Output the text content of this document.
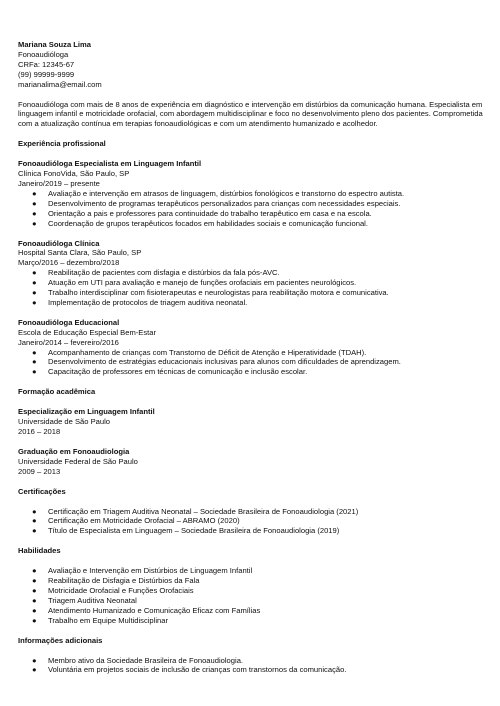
Mariana Souza Lima
Fonoaudióloga
CRFa: 12345-67
(99) 99999-9999
marianalima@email.com
Fonoaudióloga com mais de 8 anos de experiência em diagnóstico e intervenção em distúrbios da comunicação humana. Especialista em linguagem infantil e motricidade orofacial, com abordagem multidisciplinar e foco no desenvolvimento pleno dos pacientes. Comprometida com a atualização contínua em terapias fonoaudiológicas e com um atendimento humanizado e acolhedor.
Experiência profissional
Fonoaudióloga Especialista em Linguagem Infantil
Clínica FonoVida, São Paulo, SP
Janeiro/2019 – presente
● Avaliação e intervenção em atrasos de linguagem, distúrbios fonológicos e transtorno do espectro autista.
● Desenvolvimento de programas terapêuticos personalizados para crianças com necessidades especiais.
● Orientação a pais e professores para continuidade do trabalho terapêutico em casa e na escola.
● Coordenação de grupos terapêuticos focados em habilidades sociais e comunicação funcional.
Fonoaudióloga Clínica
Hospital Santa Clara, São Paulo, SP
Março/2016 – dezembro/2018
● Reabilitação de pacientes com disfagia e distúrbios da fala pós-AVC.
● Atuação em UTI para avaliação e manejo de funções orofaciais em pacientes neurológicos.
● Trabalho interdisciplinar com fisioterapeutas e neurologistas para reabilitação motora e comunicativa.
● Implementação de protocolos de triagem auditiva neonatal.
Fonoaudióloga Educacional
Escola de Educação Especial Bem-Estar
Janeiro/2014 – fevereiro/2016
● Acompanhamento de crianças com Transtorno de Déficit de Atenção e Hiperatividade (TDAH).
● Desenvolvimento de estratégias educacionais inclusivas para alunos com dificuldades de aprendizagem.
● Capacitação de professores em técnicas de comunicação e inclusão escolar.
Formação acadêmica
Especialização em Linguagem Infantil
Universidade de São Paulo
2016 – 2018
Graduação em Fonoaudiologia
Universidade Federal de São Paulo
2009 – 2013
Certificações
● Certificação em Triagem Auditiva Neonatal – Sociedade Brasileira de Fonoaudiologia (2021)
● Certificação em Motricidade Orofacial – ABRAMO (2020)
● Título de Especialista em Linguagem – Sociedade Brasileira de Fonoaudiologia (2019)
Habilidades
● Avaliação e Intervenção em Distúrbios de Linguagem Infantil
● Reabilitação de Disfagia e Distúrbios da Fala
● Motricidade Orofacial e Funções Orofaciais
● Triagem Auditiva Neonatal
● Atendimento Humanizado e Comunicação Eficaz com Famílias
● Trabalho em Equipe Multidisciplinar
Informações adicionais
● Membro ativo da Sociedade Brasileira de Fonoaudiologia.
● Voluntária em projetos sociais de inclusão de crianças com transtornos da comunicação.
